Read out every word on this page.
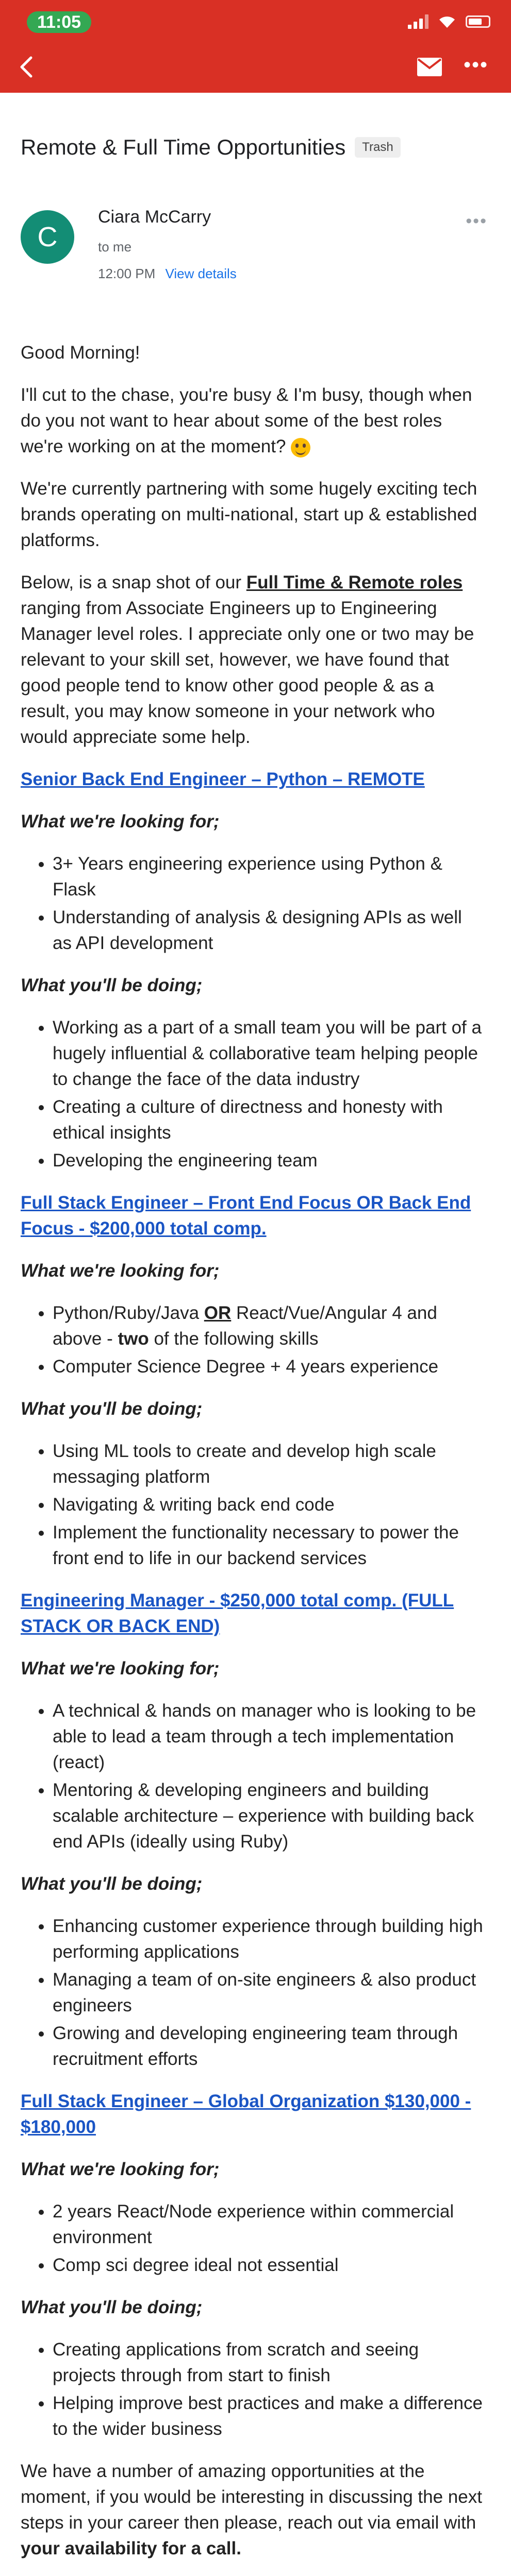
11:05
•••
Remote & Full Time Opportunities	Trash
C
Ciara McCarry
to me
12:00 PM View details
•••

Good Morning!

I'll cut to the chase, you're busy & I'm busy, though when do you not want to hear about some of the best roles we're working on at the moment?

We're currently partnering with some hugely exciting tech brands operating on multi-national, start up & established platforms.

Below, is a snap shot of our Full Time & Remote roles ranging from Associate Engineers up to Engineering Manager level roles. I appreciate only one or two may be relevant to your skill set, however, we have found that good people tend to know other good people & as a result, you may know someone in your network who would appreciate some help.

Senior Back End Engineer – Python – REMOTE

What we're looking for;

• 3+ Years engineering experience using Python & Flask
• Understanding of analysis & designing APIs as well as API development

What you'll be doing;

• Working as a part of a small team you will be part of a hugely influential & collaborative team helping people to change the face of the data industry
• Creating a culture of directness and honesty with ethical insights
• Developing the engineering team

Full Stack Engineer – Front End Focus OR Back End Focus - $200,000 total comp.

What we're looking for;

• Python/Ruby/Java OR React/Vue/Angular 4 and above - two of the following skills
• Computer Science Degree + 4 years experience

What you'll be doing;

• Using ML tools to create and develop high scale messaging platform
• Navigating & writing back end code
• Implement the functionality necessary to power the front end to life in our backend services

Engineering Manager - $250,000 total comp. (FULL STACK OR BACK END)

What we're looking for;

• A technical & hands on manager who is looking to be able to lead a team through a tech implementation (react)
• Mentoring & developing engineers and building scalable architecture – experience with building back end APIs (ideally using Ruby)

What you'll be doing;

• Enhancing customer experience through building high performing applications
• Managing a team of on-site engineers & also product engineers
• Growing and developing engineering team through recruitment efforts

Full Stack Engineer – Global Organization $130,000 - $180,000

What we're looking for;

• 2 years React/Node experience within commercial environment
• Comp sci degree ideal not essential

What you'll be doing;

• Creating applications from scratch and seeing projects through from start to finish
• Helping improve best practices and make a difference to the wider business

We have a number of amazing opportunities at the moment, if you would be interesting in discussing the next steps in your career then please, reach out via email with your availability for a call.
